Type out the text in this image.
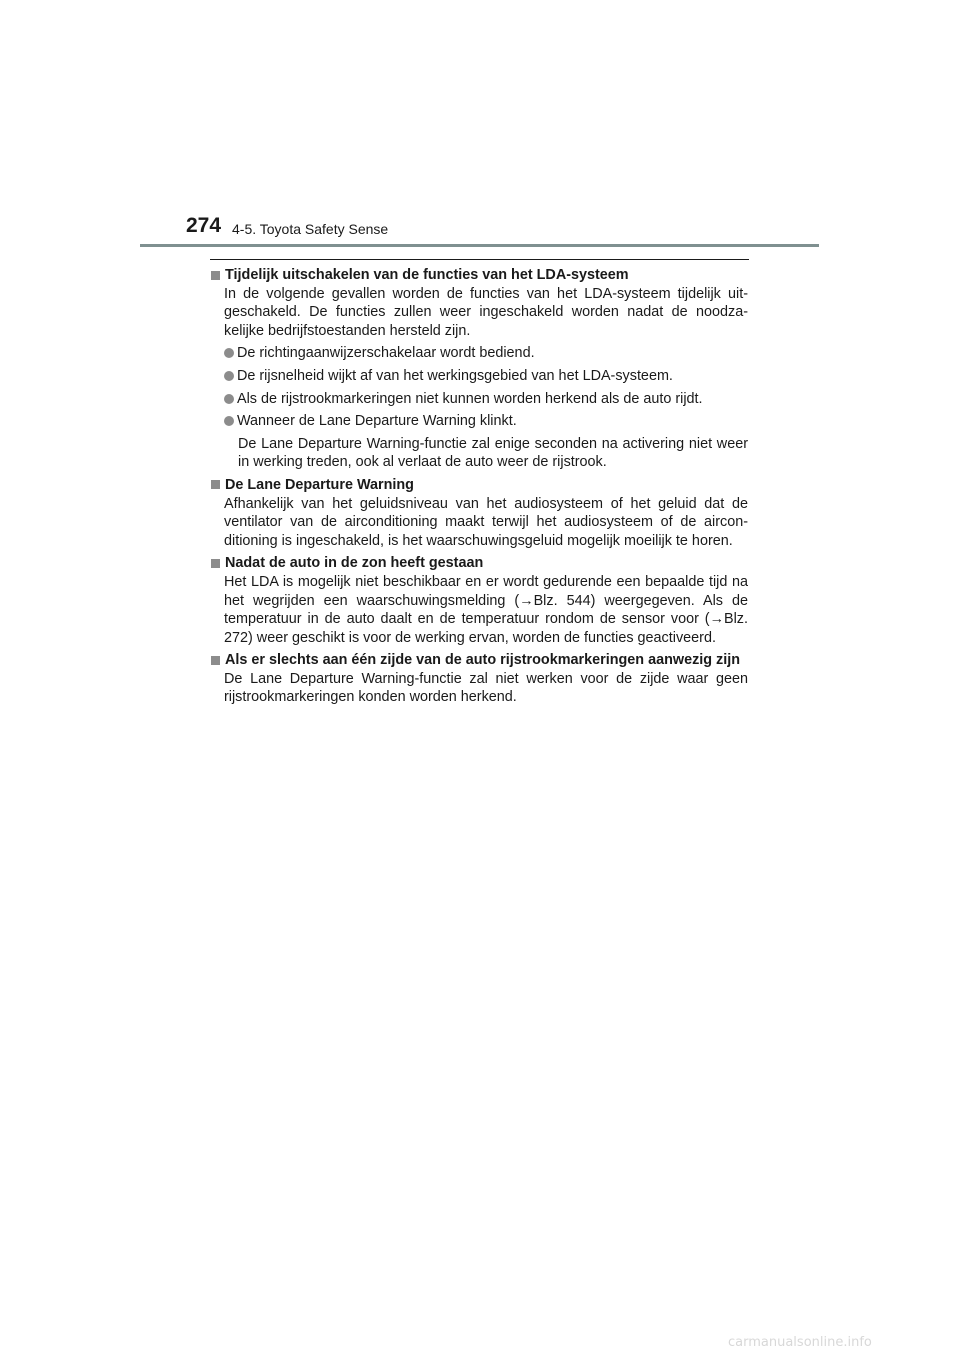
274 4-5. Toyota Safety Sense
Tijdelijk uitschakelen van de functies van het LDA-systeem
In de volgende gevallen worden de functies van het LDA-systeem tijdelijk uit-geschakeld. De functies zullen weer ingeschakeld worden nadat de noodza-kelijke bedrijfstoestanden hersteld zijn.
De richtingaanwijzerschakelaar wordt bediend.
De rijsnelheid wijkt af van het werkingsgebied van het LDA-systeem.
Als de rijstrookmarkeringen niet kunnen worden herkend als de auto rijdt.
Wanneer de Lane Departure Warning klinkt.
De Lane Departure Warning-functie zal enige seconden na activering niet weer in werking treden, ook al verlaat de auto weer de rijstrook.
De Lane Departure Warning
Afhankelijk van het geluidsniveau van het audiosysteem of het geluid dat de ventilator van de airconditioning maakt terwijl het audiosysteem of de aircon-ditioning is ingeschakeld, is het waarschuwingsgeluid mogelijk moeilijk te horen.
Nadat de auto in de zon heeft gestaan
Het LDA is mogelijk niet beschikbaar en er wordt gedurende een bepaalde tijd na het wegrijden een waarschuwingsmelding (→Blz. 544) weergegeven. Als de temperatuur in de auto daalt en de temperatuur rondom de sensor voor (→Blz. 272) weer geschikt is voor de werking ervan, worden de functies geactiveerd.
Als er slechts aan één zijde van de auto rijstrookmarkeringen aanwezig zijn
De Lane Departure Warning-functie zal niet werken voor de zijde waar geen rijstrookmarkeringen konden worden herkend.
carmanualsonline.info
